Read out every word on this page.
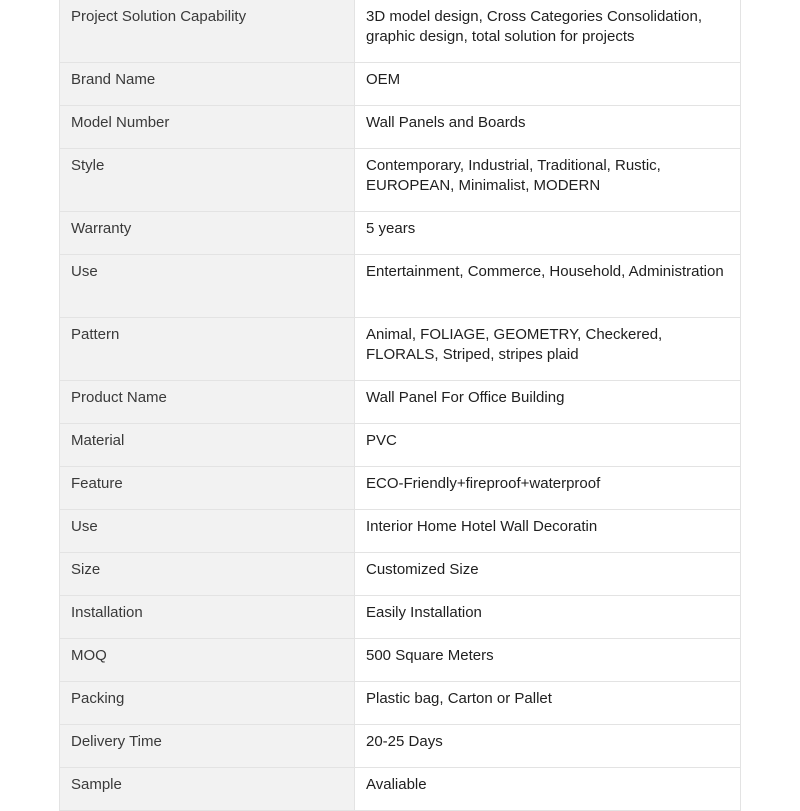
Project Solution Capability	3D model design, Cross Categories Consolidation, graphic design, total solution for projects
Brand Name	OEM
Model Number	Wall Panels and Boards
Style	Contemporary, Industrial, Traditional, Rustic, EUROPEAN, Minimalist, MODERN
Warranty	5 years
Use	Entertainment, Commerce, Household, Administration
Pattern	Animal, FOLIAGE, GEOMETRY, Checkered, FLORALS, Striped, stripes plaid
Product Name	Wall Panel For Office Building
Material	PVC
Feature	ECO-Friendly+fireproof+waterproof
Use	Interior Home Hotel Wall Decoratin
Size	Customized Size
Installation	Easily Installation
MOQ	500 Square Meters
Packing	Plastic bag, Carton or Pallet
Delivery Time	20-25 Days
Sample	Avaliable
